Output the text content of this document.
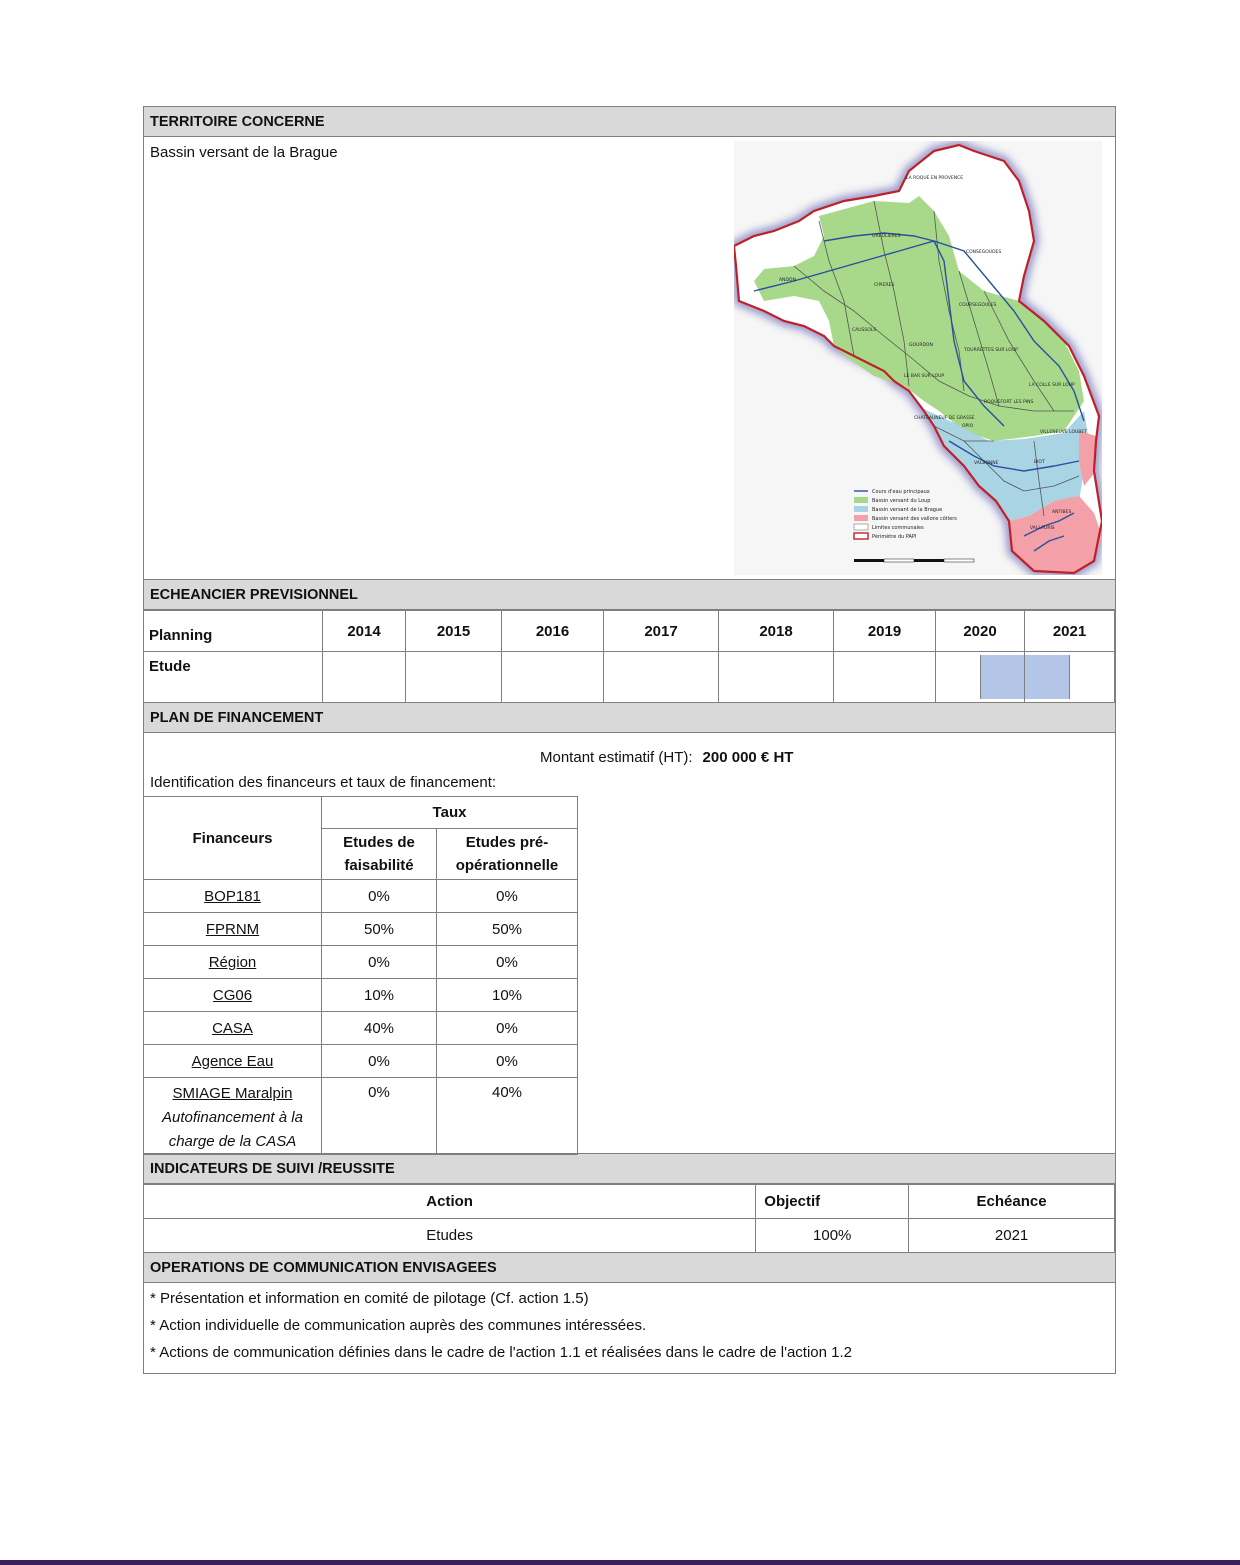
TERRITOIRE CONCERNE
Bassin versant de la Brague
LA ROQUE EN PROVENCE
GREOLIERES
CONSEGOUDES
ANDON
CIPIERES
COURSEGOULES
CAUSSOLS
GOURDON
TOURRETTES SUR LOUP
LE BAR SUR LOUP
LA COLLE SUR LOUP
ROQUEFORT LES PINS
CHATEAUNEUF DE GRASSE
OPIO
VILLENEUVE LOUBET
VALBONNE	BIOT
ANTIBES
VALLAURIS
Cours d'eau principaux
Bassin versant du Loup
Bassin versant de la Brague
Bassin versant des vallons côtiers
Limites communales
Périmètre du PAPI
ECHEANCIER PREVISIONNEL
Planning	2014	2015	2016	2017	2018	2019	2020	2021
Etude							

PLAN DE FINANCEMENT
Montant estimatif (HT): 200 000 € HT
Identification des financeurs et taux de financement:
Financeurs	Taux	
	Etudes de
faisabilité	Etudes pré-
opérationnelle
BOP181	0%	0%
FPRNM	50%	50%
Région	0%	0%
CG06	10%	10%
CASA	40%	0%
Agence Eau	0%	0%
SMIAGE Maralpin
Autofinancement à la
charge de la CASA	0%	40%
INDICATEURS DE SUIVI /REUSSITE
Action	Objectif	Echéance
Etudes	100%	2021
OPERATIONS DE COMMUNICATION ENVISAGEES
* Présentation et information en comité de pilotage (Cf. action 1.5)
* Action individuelle de communication auprès des communes intéressées.
* Actions de communication définies dans le cadre de l'action 1.1 et réalisées dans le cadre de l'action 1.2
